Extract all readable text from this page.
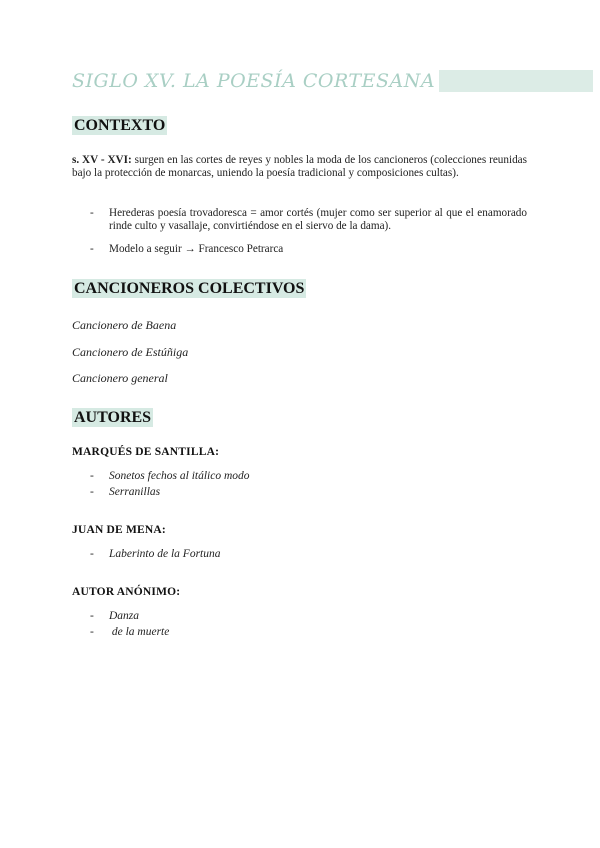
SIGLO XV. LA POESÍA CORTESANA
CONTEXTO
s. XV - XVI: surgen en las cortes de reyes y nobles la moda de los cancioneros (colecciones reunidas bajo la protección de monarcas, uniendo la poesía tradicional y composiciones cultas).
- Herederas poesía trovadoresca = amor cortés (mujer como ser superior al que el enamorado rinde culto y vasallaje, convirtiéndose en el siervo de la dama).
- Modelo a seguir → Francesco Petrarca
CANCIONEROS COLECTIVOS
Cancionero de Baena
Cancionero de Estúñiga
Cancionero general
AUTORES
MARQUÉS DE SANTILLA:
- Sonetos fechos al itálico modo
- Serranillas
JUAN DE MENA:
- Laberinto de la Fortuna
AUTOR ANÓNIMO:
- Danza
- de la muerte
